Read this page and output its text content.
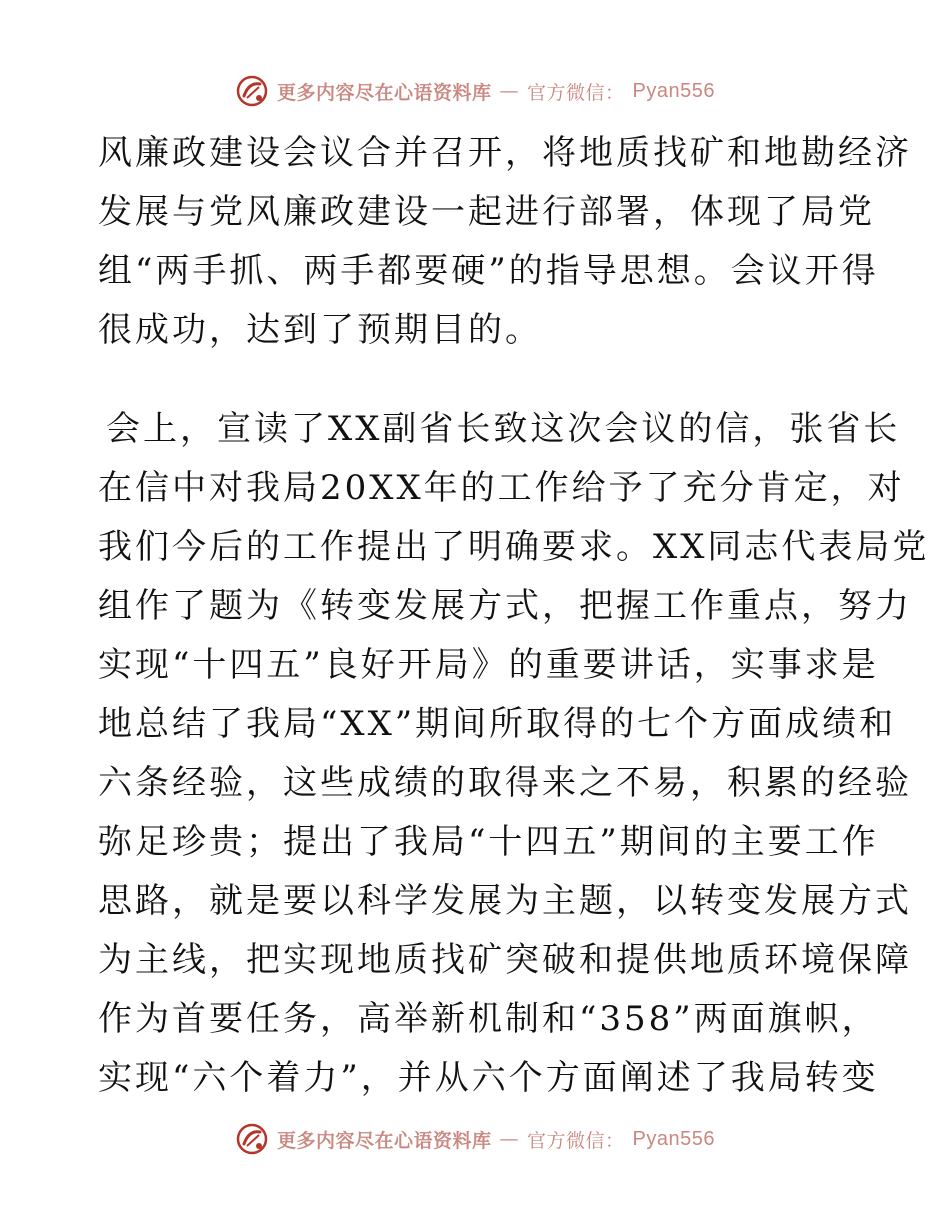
更多内容尽在心语资料库 — 官方微信： Pyan556
风廉政建设会议合并召开，将地质找矿和地勘经济
发展与党风廉政建设一起进行部署，体现了局党
组“两手抓、两手都要硬”的指导思想。会议开得
很成功，达到了预期目的。
会上，宣读了XX副省长致这次会议的信，张省长
在信中对我局20XX年的工作给予了充分肯定，对
我们今后的工作提出了明确要求。XX同志代表局党
组作了题为《转变发展方式，把握工作重点，努力
实现“十四五”良好开局》的重要讲话，实事求是
地总结了我局“XX”期间所取得的七个方面成绩和
六条经验，这些成绩的取得来之不易，积累的经验
弥足珍贵；提出了我局“十四五”期间的主要工作
思路，就是要以科学发展为主题，以转变发展方式
为主线，把实现地质找矿突破和提供地质环境保障
作为首要任务，高举新机制和“358”两面旗帜，
实现“六个着力”，并从六个方面阐述了我局转变
更多内容尽在心语资料库 — 官方微信： Pyan556
